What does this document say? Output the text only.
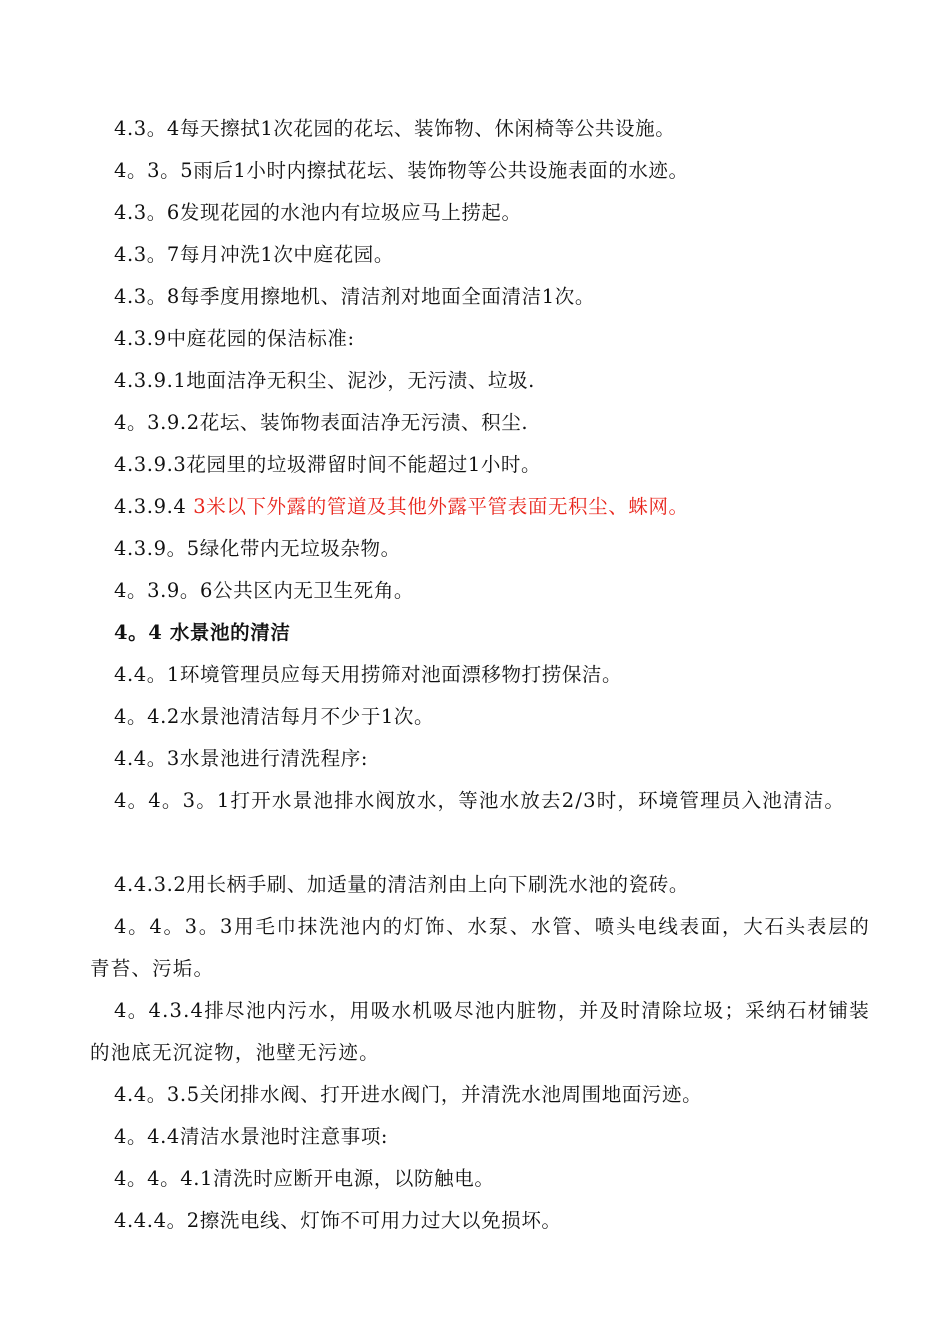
4.3。4每天擦拭1次花园的花坛、装饰物、休闲椅等公共设施。
4。3。5雨后1小时内擦拭花坛、装饰物等公共设施表面的水迹。
4.3。6发现花园的水池内有垃圾应马上捞起。
4.3。7每月冲洗1次中庭花园。
4.3。8每季度用擦地机、清洁剂对地面全面清洁1次。
4.3.9中庭花园的保洁标准:
4.3.9.1地面洁净无积尘、泥沙，无污渍、垃圾.
4。3.9.2花坛、装饰物表面洁净无污渍、积尘.
4.3.9.3花园里的垃圾滞留时间不能超过1小时。
4.3.9.4 3米以下外露的管道及其他外露平管表面无积尘、蛛网。
4.3.9。5绿化带内无垃圾杂物。
4。3.9。6公共区内无卫生死角。
4。4 水景池的清洁
4.4。1环境管理员应每天用捞筛对池面漂移物打捞保洁。
4。4.2水景池清洁每月不少于1次。
4.4。3水景池进行清洗程序:
4。4。3。1打开水景池排水阀放水，等池水放去2/3时，环境管理员入池清洁。
4.4.3.2用长柄手刷、加适量的清洁剂由上向下刷洗水池的瓷砖。
4。4。3。3用毛巾抹洗池内的灯饰、水泵、水管、喷头电线表面，大石头表层的青苔、污垢。
4。4.3.4排尽池内污水，用吸水机吸尽池内脏物，并及时清除垃圾；采纳石材铺装的池底无沉淀物，池壁无污迹。
4.4。3.5关闭排水阀、打开进水阀门，并清洗水池周围地面污迹。
4。4.4清洁水景池时注意事项:
4。4。4.1清洗时应断开电源，以防触电。
4.4.4。2擦洗电线、灯饰不可用力过大以免损坏。
